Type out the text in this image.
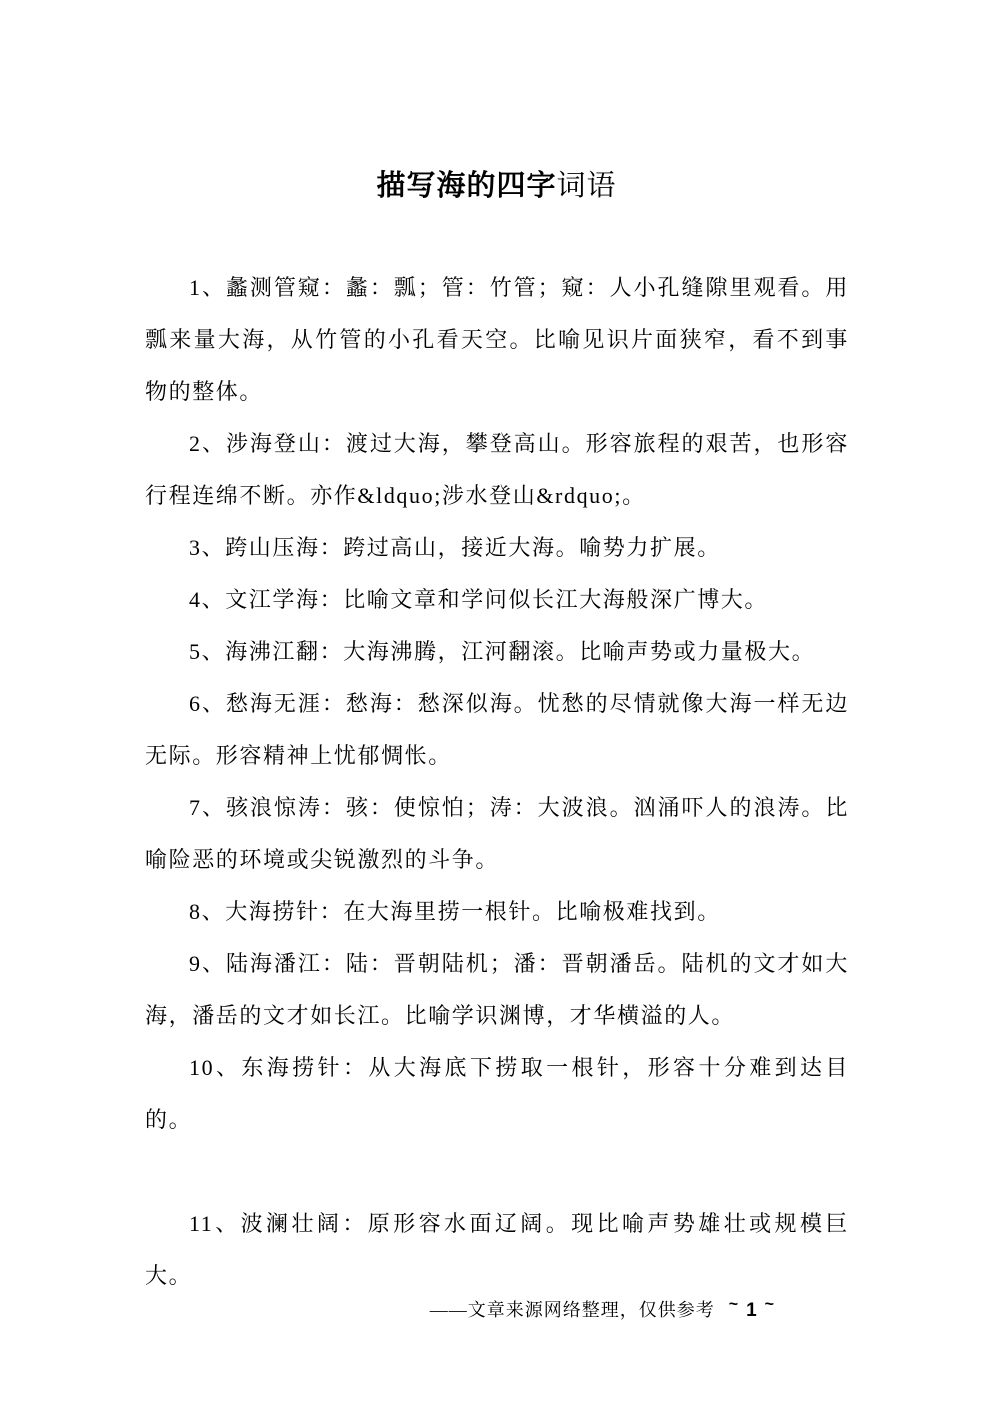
描写海的四字词语

1、蠡测管窥：蠡：瓢；管：竹管；窥：人小孔缝隙里观看。用瓢来量大海，从竹管的小孔看天空。比喻见识片面狭窄，看不到事物的整体。

2、涉海登山：渡过大海，攀登高山。形容旅程的艰苦，也形容行程连绵不断。亦作&ldquo;涉水登山&rdquo;。

3、跨山压海：跨过高山，接近大海。喻势力扩展。

4、文江学海：比喻文章和学问似长江大海般深广博大。

5、海沸江翻：大海沸腾，江河翻滚。比喻声势或力量极大。

6、愁海无涯：愁海：愁深似海。忧愁的尽情就像大海一样无边无际。形容精神上忧郁惆怅。

7、骇浪惊涛：骇：使惊怕；涛：大波浪。汹涌吓人的浪涛。比喻险恶的环境或尖锐激烈的斗争。

8、大海捞针：在大海里捞一根针。比喻极难找到。

9、陆海潘江：陆：晋朝陆机；潘：晋朝潘岳。陆机的文才如大海，潘岳的文才如长江。比喻学识渊博，才华横溢的人。

10、东海捞针：从大海底下捞取一根针，形容十分难到达目的。

11、波澜壮阔：原形容水面辽阔。现比喻声势雄壮或规模巨大。

——文章来源网络整理，仅供参考 ~ 1 ~
